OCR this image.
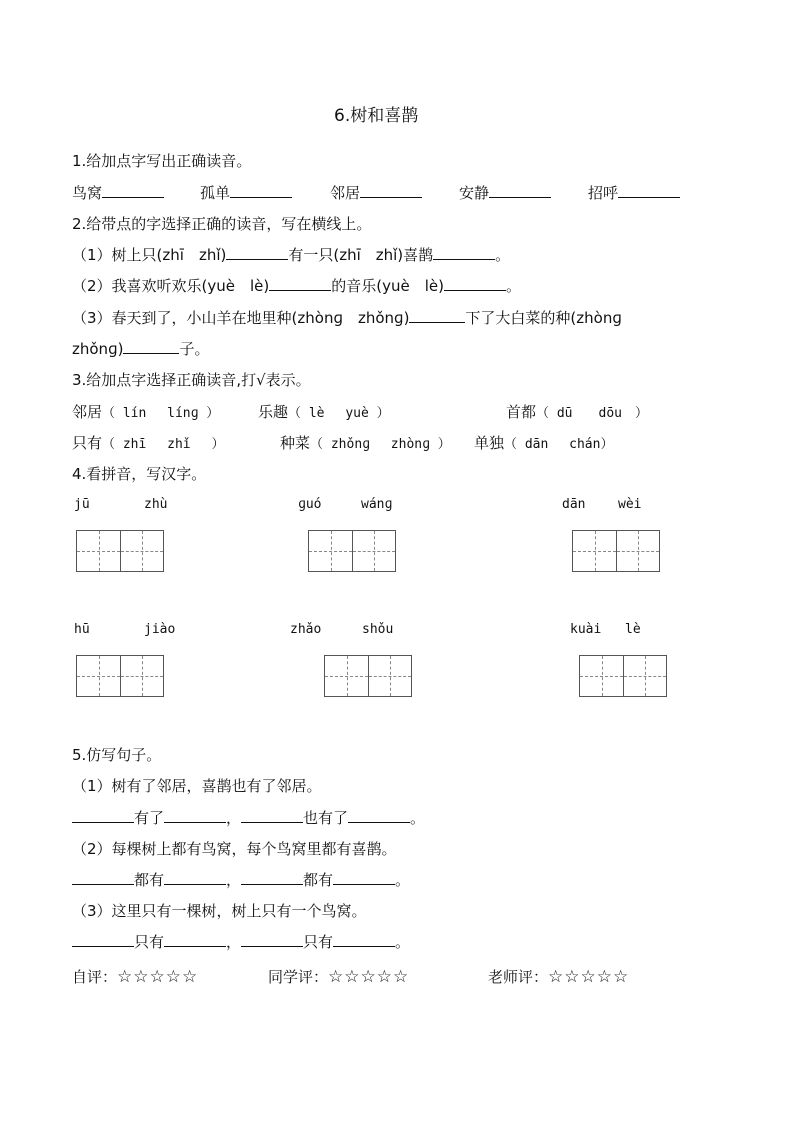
6.树和喜鹊
1.给加点字写出正确读音。
鸟窝	孤单	邻居	安静	招呼
2.给带点的字选择正确的读音，写在横线上。
（1）树上只(zhī　zhǐ)	有一只(zhī　zhǐ)喜鹊	。
（2）我喜欢听欢乐(yuè　lè)	的音乐(yuè　lè)	。
（3）春天到了，小山羊在地里种(zhònɡ　zhǒnɡ)	下了大白菜的种(zhònɡ
zhǒnɡ)	子。
3.给加点字选择正确读音,打√表示。
邻居（ lín　 línɡ ）	乐趣（ lè　 yuè ）	首都（ dū　　dōu　）
只有（ zhī　 zhǐ　 ）	种菜（ zhǒnɡ　 zhònɡ ） 单独（ dān　 chán）
4.看拼音，写汉字。
jū	zhù	ɡuó	wánɡ	dān	wèi
hū	jiào	zhǎo	shǒu	kuài lè
5.仿写句子。
（1）树有了邻居，喜鹊也有了邻居。
有了	，	也有了	。
（2）每棵树上都有鸟窝，每个鸟窝里都有喜鹊。
都有	，	都有	。
（3）这里只有一棵树，树上只有一个鸟窝。
只有	，	只有	。
自评：☆☆☆☆☆	同学评：☆☆☆☆☆	老师评：☆☆☆☆☆
